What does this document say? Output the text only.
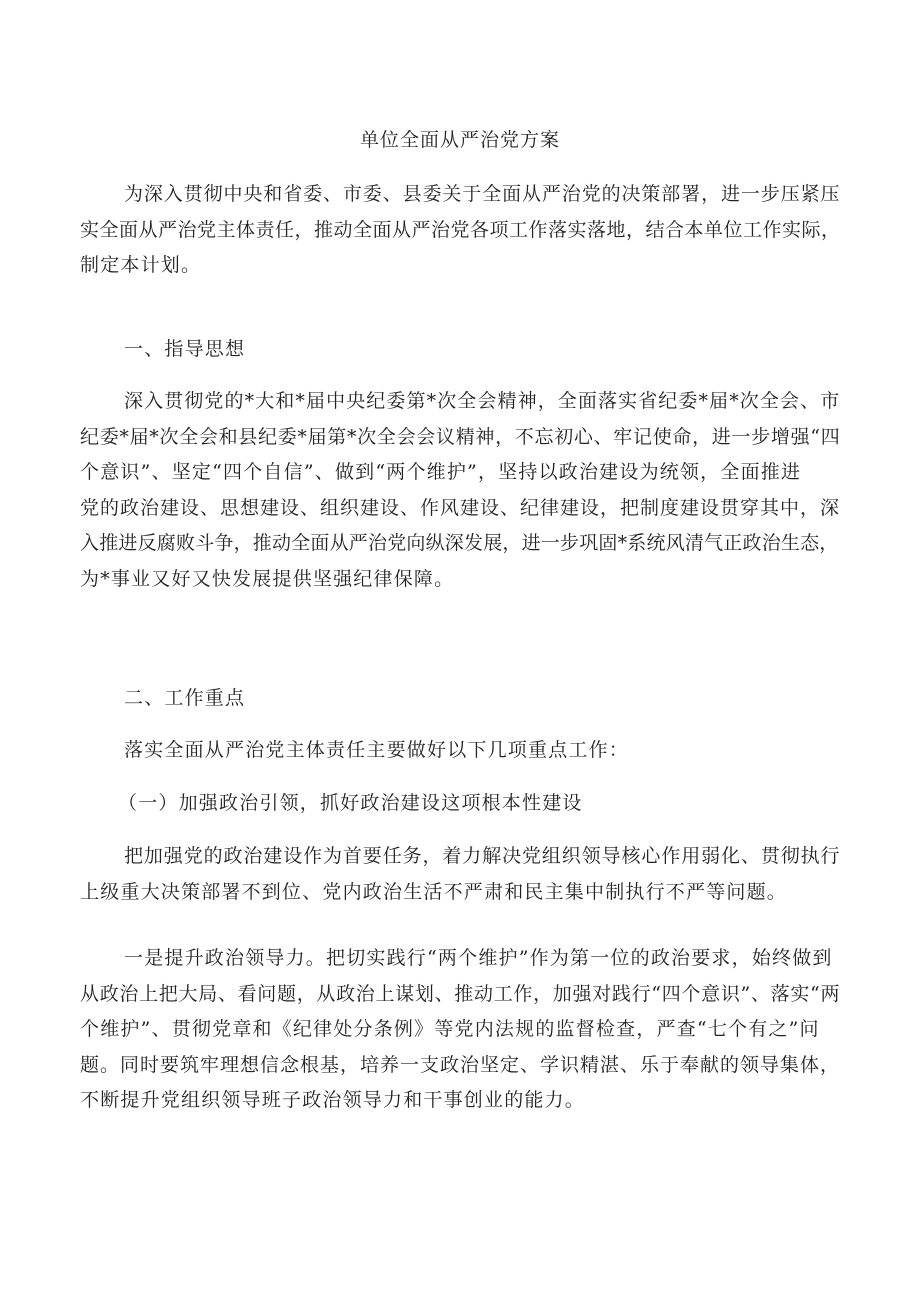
单位全面从严治党方案
为深入贯彻中央和省委、市委、县委关于全面从严治党的决策部署，进一步压紧压
实全面从严治党主体责任，推动全面从严治党各项工作落实落地，结合本单位工作实际，
制定本计划。
一、指导思想
深入贯彻党的*大和*届中央纪委第*次全会精神，全面落实省纪委*届*次全会、市
纪委*届*次全会和县纪委*届第*次全会会议精神，不忘初心、牢记使命，进一步增强“四
个意识”、坚定“四个自信”、做到“两个维护”，坚持以政治建设为统领，全面推进
党的政治建设、思想建设、组织建设、作风建设、纪律建设，把制度建设贯穿其中，深
入推进反腐败斗争，推动全面从严治党向纵深发展，进一步巩固*系统风清气正政治生态，
为*事业又好又快发展提供坚强纪律保障。
二、工作重点
落实全面从严治党主体责任主要做好以下几项重点工作：
（一）加强政治引领，抓好政治建设这项根本性建设
把加强党的政治建设作为首要任务，着力解决党组织领导核心作用弱化、贯彻执行
上级重大决策部署不到位、党内政治生活不严肃和民主集中制执行不严等问题。
一是提升政治领导力。把切实践行“两个维护”作为第一位的政治要求，始终做到
从政治上把大局、看问题，从政治上谋划、推动工作，加强对践行“四个意识”、落实“两
个维护”、贯彻党章和《纪律处分条例》等党内法规的监督检查，严查“七个有之”问
题。同时要筑牢理想信念根基，培养一支政治坚定、学识精湛、乐于奉献的领导集体，
不断提升党组织领导班子政治领导力和干事创业的能力。
